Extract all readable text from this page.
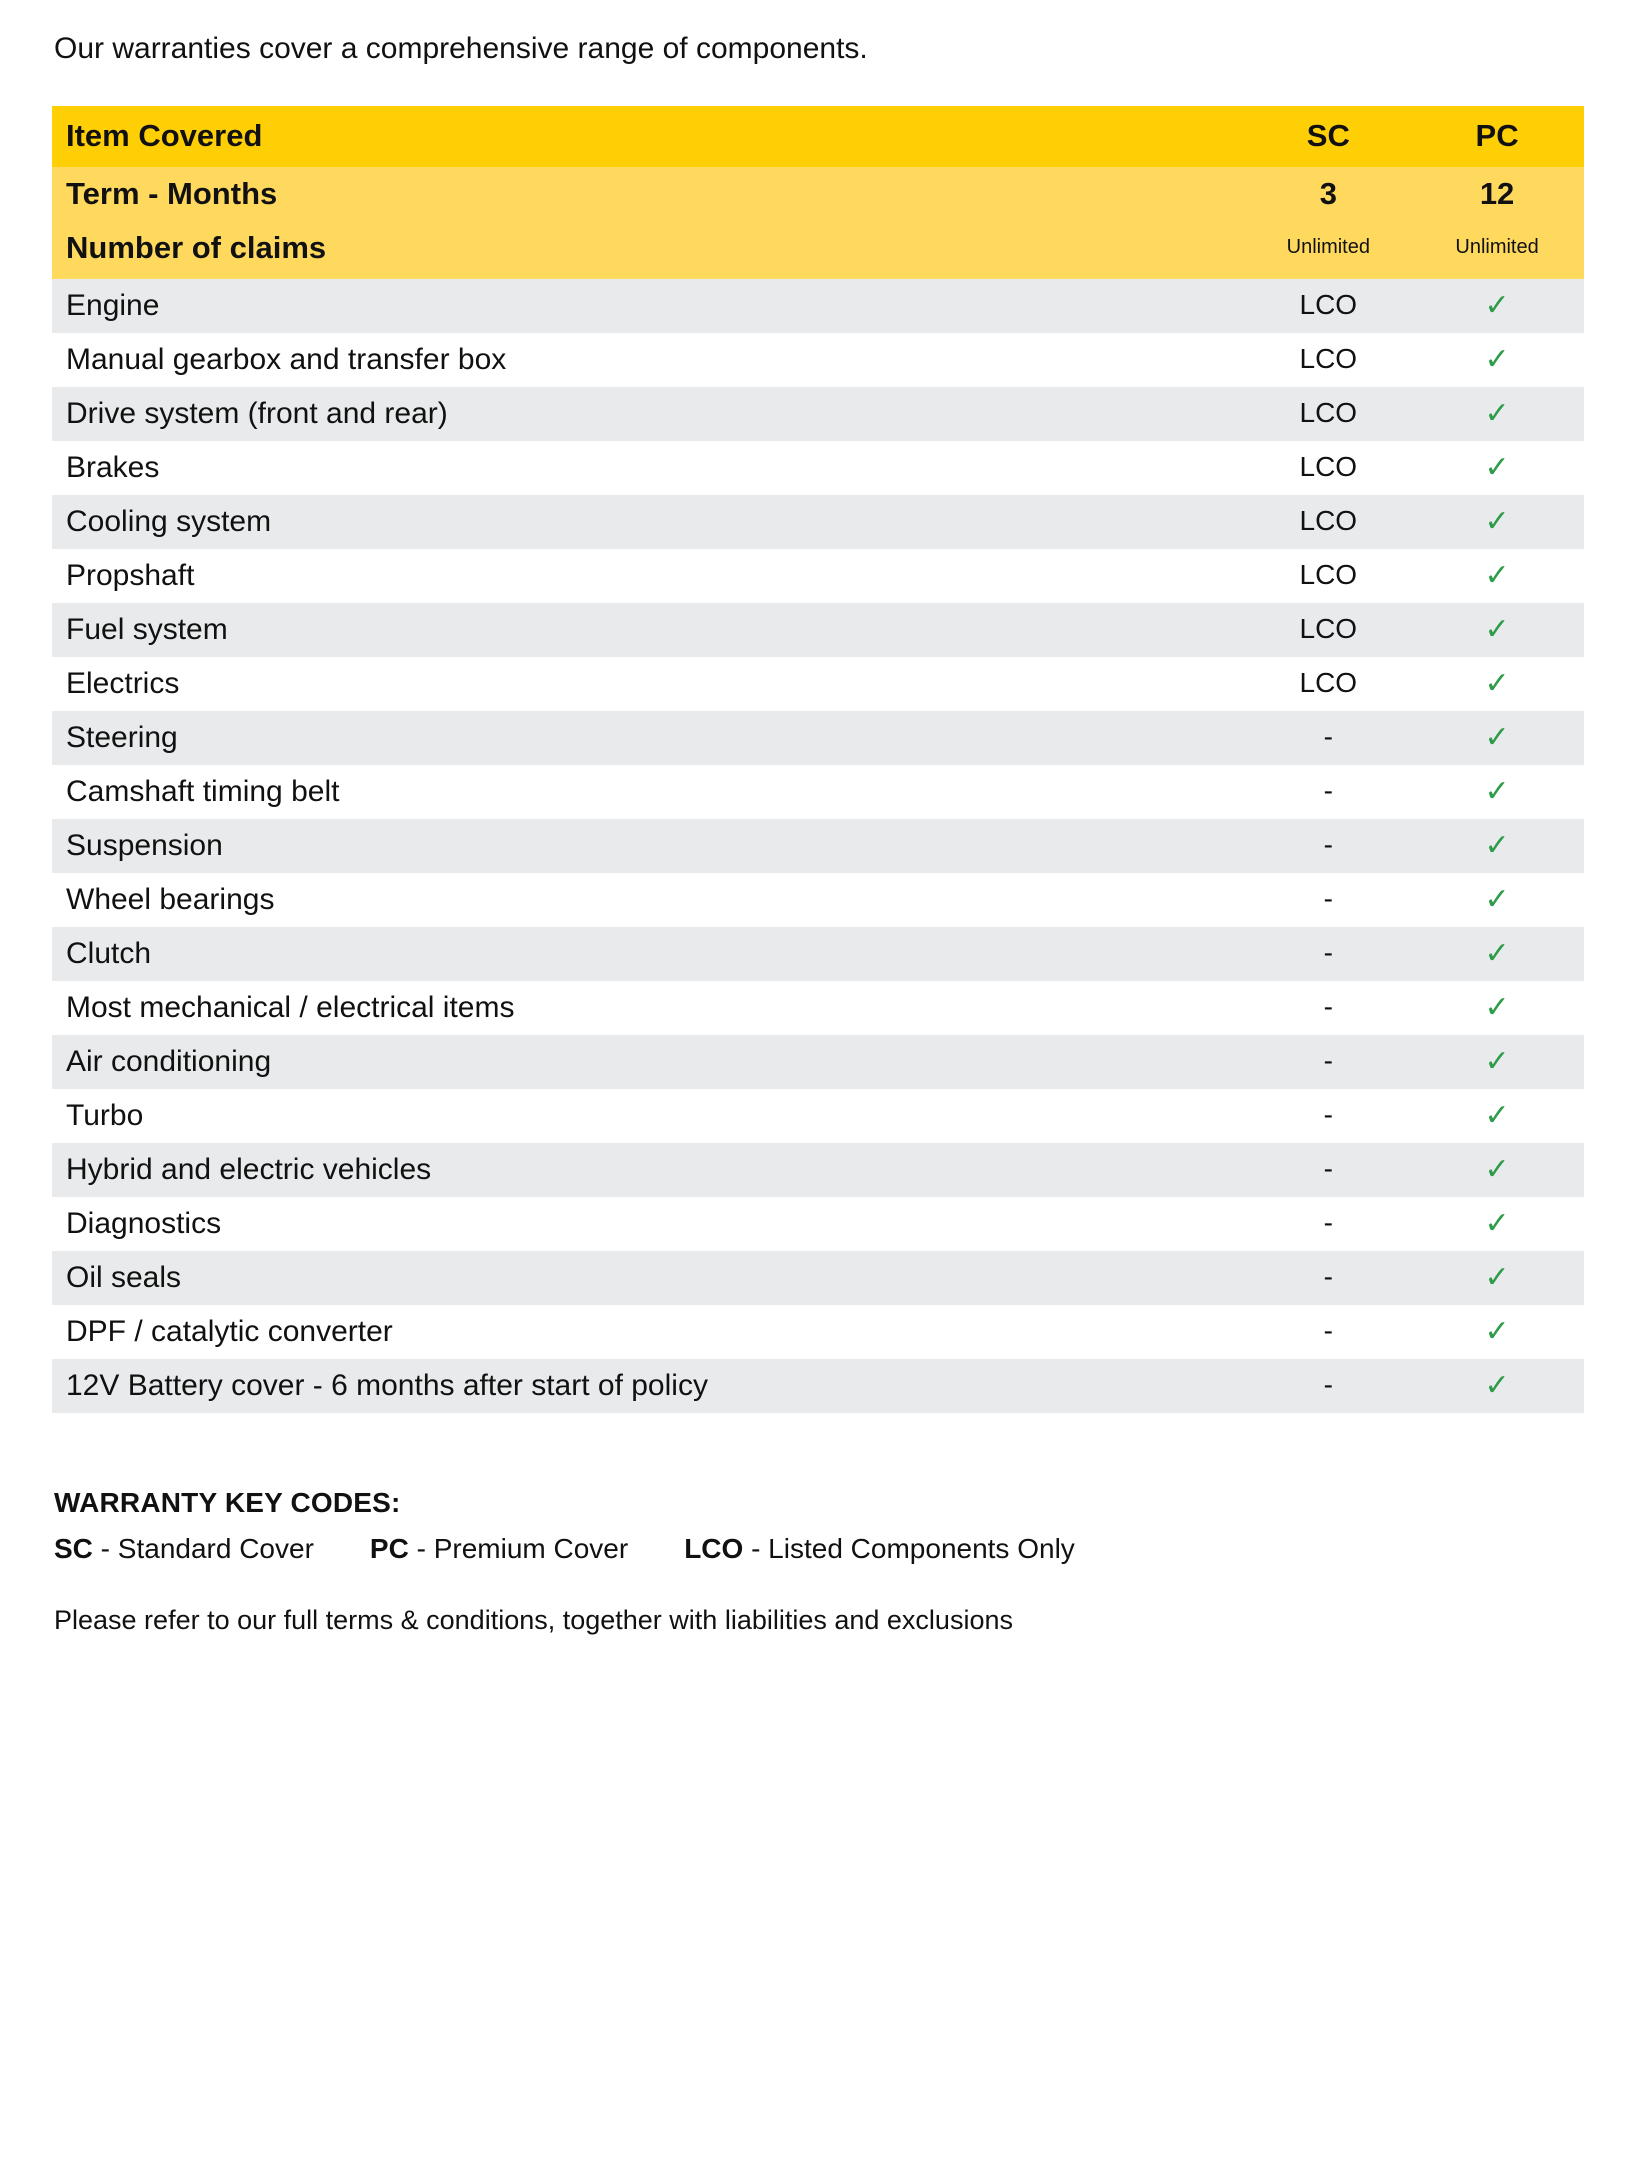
Our warranties cover a comprehensive range of components.

Item Covered	SC	PC
Term - Months	3	12
Number of claims	Unlimited	Unlimited
Engine	LCO	✓
Manual gearbox and transfer box	LCO	✓
Drive system (front and rear)	LCO	✓
Brakes	LCO	✓
Cooling system	LCO	✓
Propshaft	LCO	✓
Fuel system	LCO	✓
Electrics	LCO	✓
Steering	-	✓
Camshaft timing belt	-	✓
Suspension	-	✓
Wheel bearings	-	✓
Clutch	-	✓
Most mechanical / electrical items	-	✓
Air conditioning	-	✓
Turbo	-	✓
Hybrid and electric vehicles	-	✓
Diagnostics	-	✓
Oil seals	-	✓
DPF / catalytic converter	-	✓
12V Battery cover - 6 months after start of policy	-	✓
WARRANTY KEY CODES:
SC - Standard Cover PC - Premium Cover LCO - Listed Components Only
Please refer to our full terms & conditions, together with liabilities and exclusions
